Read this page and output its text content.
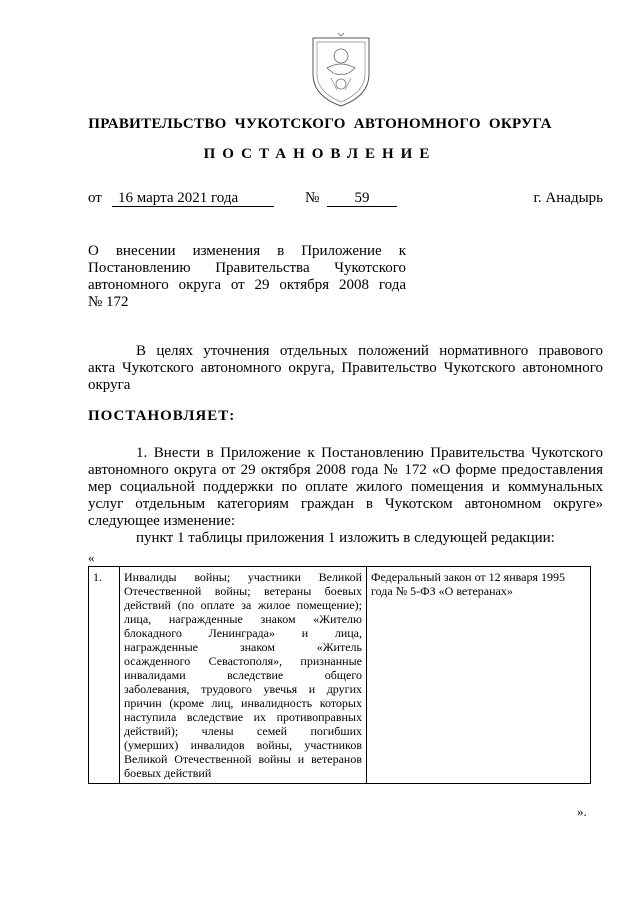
ПРАВИТЕЛЬСТВО ЧУКОТСКОГО АВТОНОМНОГО ОКРУГА
ПОСТАНОВЛЕНИЕ
от	16 марта 2021 года	№	59	г. Анадырь
О внесении изменения в Приложение к
Постановлению Правительства Чукотского
автономного округа от 29 октября 2008 года
№ 172
В целях уточнения отдельных положений нормативного правового
акта Чукотского автономного округа, Правительство Чукотского автономного
округа
ПОСТАНОВЛЯЕТ:
1. Внести в Приложение к Постановлению Правительства Чукотского
автономного округа от 29 октября 2008 года № 172 «О форме предоставления
мер социальной поддержки по оплате жилого помещения и коммунальных
услуг отдельным категориям граждан в Чукотском автономном округе»
следующее изменение:
пункт 1 таблицы приложения 1 изложить в следующей редакции:
«
1.	Инвалиды войны; участники Великой
Отечественной войны; ветераны боевых
действий (по оплате за жилое помещение);
лица, награжденные знаком «Жителю
блокадного Ленинграда» и лица,
награжденные знаком «Житель
осажденного Севастополя», признанные
инвалидами вследствие общего
заболевания, трудового увечья и других
причин (кроме лиц, инвалидность которых
наступила вследствие их противоправных
действий); члены семей погибших
(умерших) инвалидов войны, участников
Великой Отечественной войны и ветеранов
боевых действий

Федеральный закон от 12 января 1995
года № 5-ФЗ «О ветеранах»
».
